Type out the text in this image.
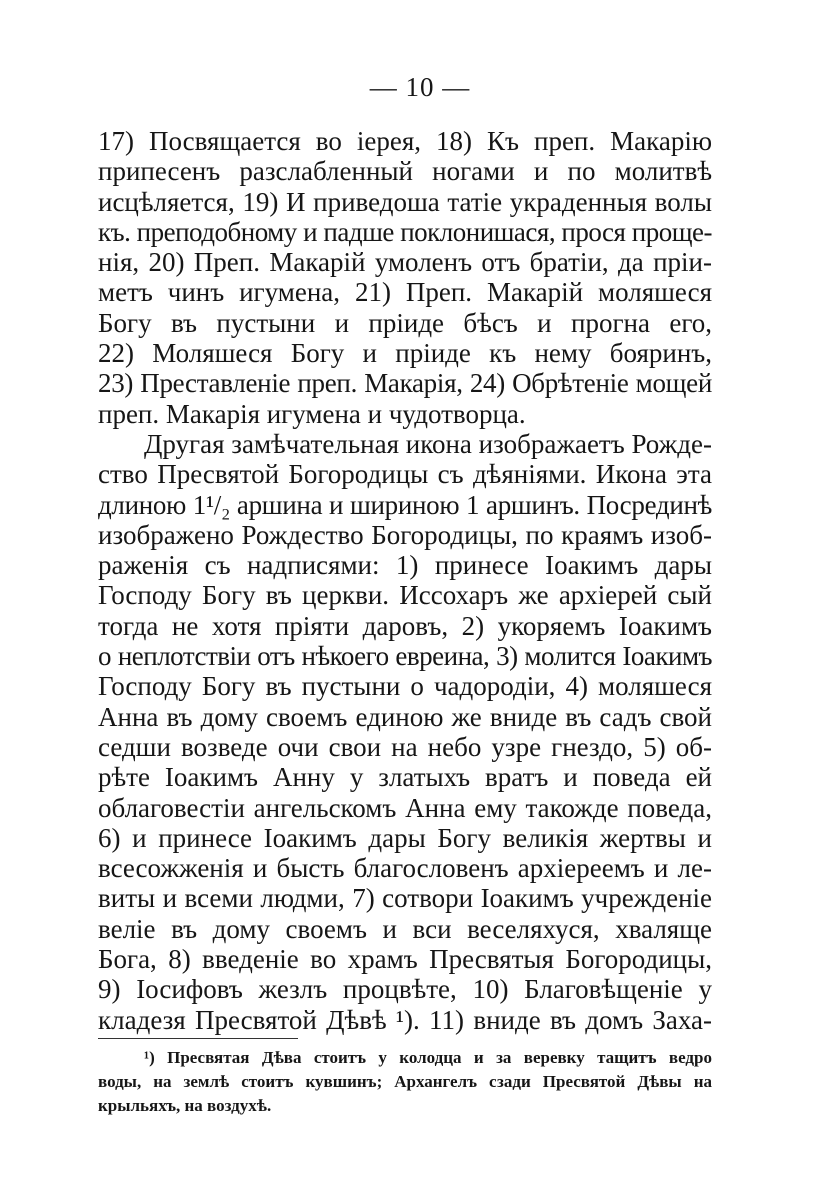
— 10 —
17) Посвящается во іерея, 18) Къ преп. Макарію
припесенъ разслабленный ногами и по молитвѣ
исцѣляется, 19) И приведоша татіе украденныя волы
къ. преподобному и падше поклонишася, прося проще-
нія, 20) Преп. Макарій умоленъ отъ братіи, да пріи-
метъ чинъ игумена, 21) Преп. Макарій моляшеся
Богу въ пустыни и пріиде бѣсъ и прогна его,
22) Моляшеся Богу и пріиде къ нему бояринъ,
23) Преставленіе преп. Макарія, 24) Обрѣтеніе мощей
преп. Макарія игумена и чудотворца.
Другая замѣчательная икона изображаетъ Рожде-
ство Пресвятой Богородицы съ дѣяніями. Икона эта
длиною 1¹/₂ аршина и шириною 1 аршинъ. Посрединѣ
изображено Рождество Богородицы, по краямъ изоб-
раженія съ надписями: 1) принесе Іоакимъ дары
Господу Богу въ церкви. Иссохаръ же архіерей сый
тогда не хотя пріяти даровъ, 2) укоряемъ Іоакимъ
о неплотствіи отъ нѣкоего евреина, 3) молится Іоакимъ
Господу Богу въ пустыни о чадородіи, 4) моляшеся
Анна въ дому своемъ единою же вниде въ садъ свой
седши возведе очи свои на небо узре гнездо, 5) об-
рѣте Іоакимъ Анну у златыхъ вратъ и поведа ей
облаговестіи ангельскомъ Анна ему такожде поведа,
6) и принесе Іоакимъ дары Богу великія жертвы и
всесожженія и бысть благословенъ архіереемъ и ле-
виты и всеми людми, 7) сотвори Іоакимъ учрежденіе
веліе въ дому своемъ и вси веселяхуся, хваляще
Бога, 8) введеніе во храмъ Пресвятыя Богородицы,
9) Іосифовъ жезлъ процвѣте, 10) Благовѣщеніе у
кладезя Пресвятой Дѣвѣ ¹). 11) вниде въ домъ Заха-
¹) Пресвятая Дѣва стоитъ у колодца и за веревку тащитъ ведро
воды, на землѣ стоитъ кувшинъ; Архангелъ сзади Пресвятой Дѣвы на
крыльяхъ, на воздухѣ.
